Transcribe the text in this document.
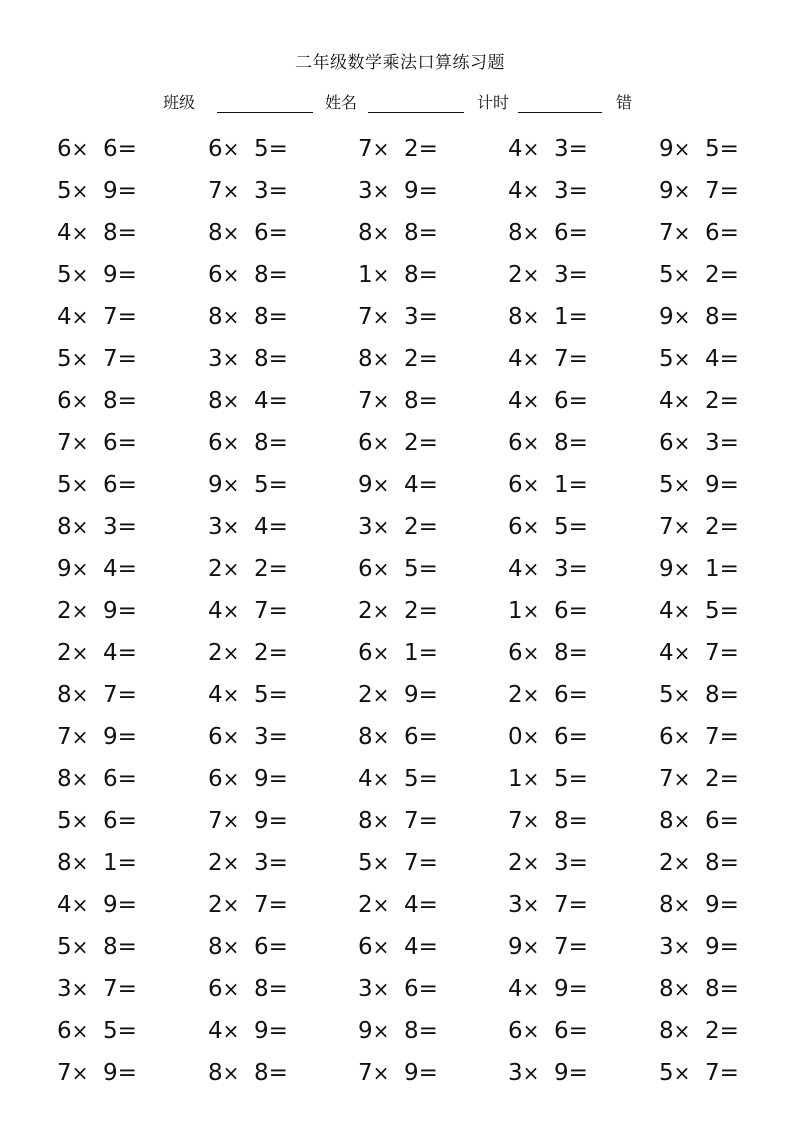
二年级数学乘法口算练习题
班级	姓名	计时	错
6× 6=	6× 5=	7× 2=	4× 3=	9× 5=
5× 9=	7× 3=	3× 9=	4× 3=	9× 7=
4× 8=	8× 6=	8× 8=	8× 6=	7× 6=
5× 9=	6× 8=	1× 8=	2× 3=	5× 2=
4× 7=	8× 8=	7× 3=	8× 1=	9× 8=
5× 7=	3× 8=	8× 2=	4× 7=	5× 4=
6× 8=	8× 4=	7× 8=	4× 6=	4× 2=
7× 6=	6× 8=	6× 2=	6× 8=	6× 3=
5× 6=	9× 5=	9× 4=	6× 1=	5× 9=
8× 3=	3× 4=	3× 2=	6× 5=	7× 2=
9× 4=	2× 2=	6× 5=	4× 3=	9× 1=
2× 9=	4× 7=	2× 2=	1× 6=	4× 5=
2× 4=	2× 2=	6× 1=	6× 8=	4× 7=
8× 7=	4× 5=	2× 9=	2× 6=	5× 8=
7× 9=	6× 3=	8× 6=	0× 6=	6× 7=
8× 6=	6× 9=	4× 5=	1× 5=	7× 2=
5× 6=	7× 9=	8× 7=	7× 8=	8× 6=
8× 1=	2× 3=	5× 7=	2× 3=	2× 8=
4× 9=	2× 7=	2× 4=	3× 7=	8× 9=
5× 8=	8× 6=	6× 4=	9× 7=	3× 9=
3× 7=	6× 8=	3× 6=	4× 9=	8× 8=
6× 5=	4× 9=	9× 8=	6× 6=	8× 2=
7× 9=	8× 8=	7× 9=	3× 9=	5× 7=
